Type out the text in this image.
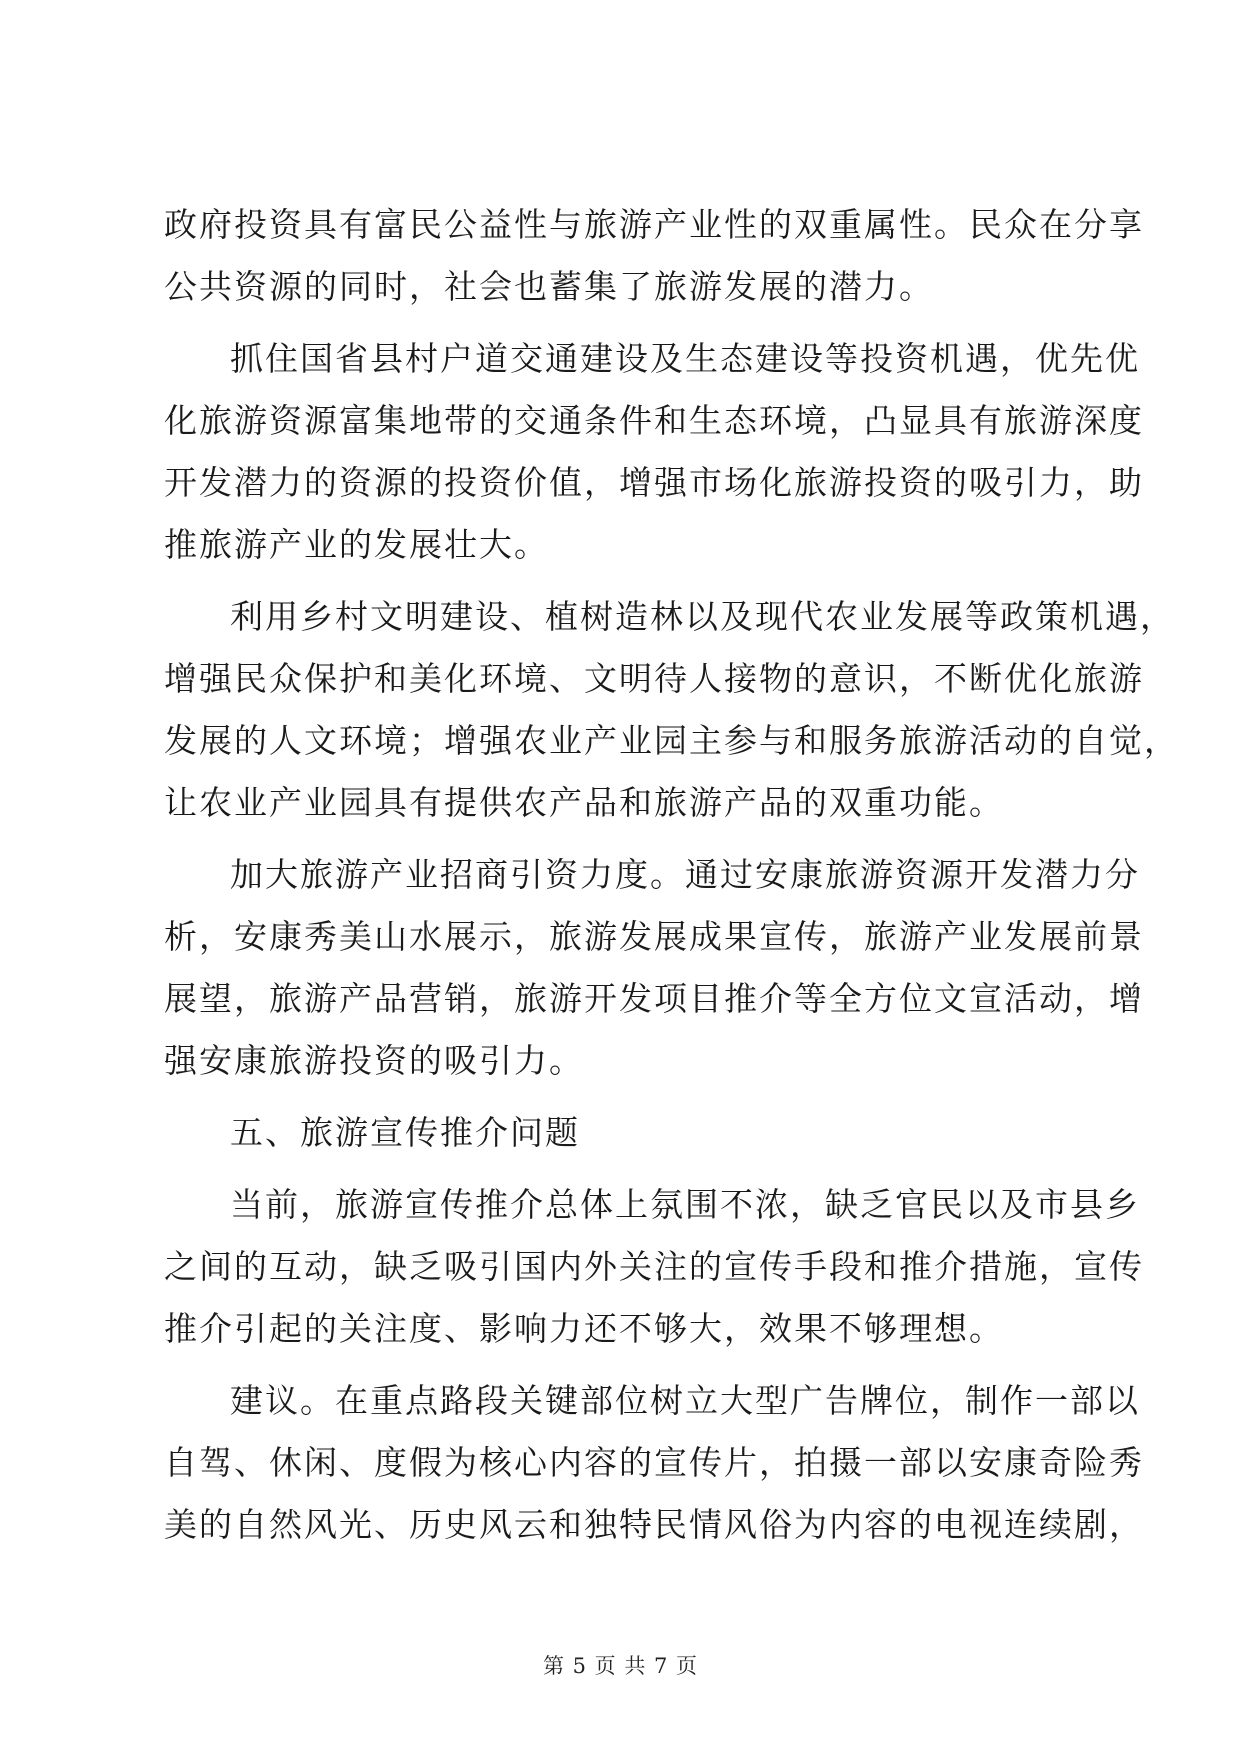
政府投资具有富民公益性与旅游产业性的双重属性。民众在分享
公共资源的同时，社会也蓄集了旅游发展的潜力。
抓住国省县村户道交通建设及生态建设等投资机遇，优先优
化旅游资源富集地带的交通条件和生态环境，凸显具有旅游深度
开发潜力的资源的投资价值，增强市场化旅游投资的吸引力，助
推旅游产业的发展壮大。
利用乡村文明建设、植树造林以及现代农业发展等政策机遇，
增强民众保护和美化环境、文明待人接物的意识，不断优化旅游
发展的人文环境；增强农业产业园主参与和服务旅游活动的自觉，
让农业产业园具有提供农产品和旅游产品的双重功能。
加大旅游产业招商引资力度。通过安康旅游资源开发潜力分
析，安康秀美山水展示，旅游发展成果宣传，旅游产业发展前景
展望，旅游产品营销，旅游开发项目推介等全方位文宣活动，增
强安康旅游投资的吸引力。
五、旅游宣传推介问题
当前，旅游宣传推介总体上氛围不浓，缺乏官民以及市县乡
之间的互动，缺乏吸引国内外关注的宣传手段和推介措施，宣传
推介引起的关注度、影响力还不够大，效果不够理想。
建议。在重点路段关键部位树立大型广告牌位，制作一部以
自驾、休闲、度假为核心内容的宣传片，拍摄一部以安康奇险秀
美的自然风光、历史风云和独特民情风俗为内容的电视连续剧，
第 5 页 共 7 页
